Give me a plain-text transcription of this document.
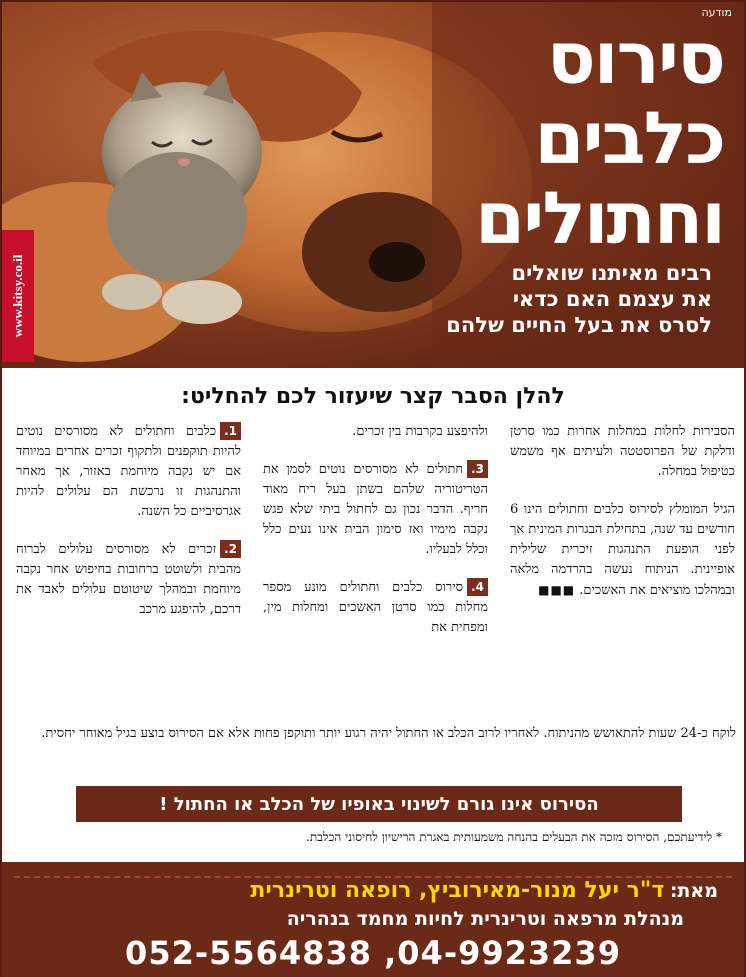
מודעה
סירוס
כלבים
וחתולים
רבים מאיתנו שואלים
את עצמם האם כדאי
לסרס את בעל החיים שלהם
www.kitsy.co.il
להלן הסבר קצר שיעזור לכם להחליט:

1.כלבים וחתולים לא מסורסים נוטים להיות תוקפנים ולתקוף זכרים אחרים במיוחד אם יש נקבה מיוחמת באזור, אך מאחר והתנהגות זו נרכשת הם עלולים להיות אגרסיביים כל השנה.

2.זכרים לא מסורסים עלולים לברוח מהבית ולשוטט ברחובות בחיפוש אחר נקבה מיוחמת ובמהלך שיטוטם עלולים לאבד את דרכם, להיפגע מרכב

ולהיפצע בקרבות בין זכרים.

3.חתולים לא מסורסים נוטים לסמן את הטריטוריה שלהם בשתן בעל ריח מאוד חריף. הדבר נכון גם לחתול ביתי שלא פגש נקבה מימיו ואז סימון הבית אינו נעים כלל וכלל לבעליו.

4.סירוס כלבים וחתולים מונע מספר מחלות כמו סרטן האשכים ומחלות מין, ומפחית את

הסבירות לחלות במחלות אחרות כמו סרטן ודלקת של הפרוסטטה ולעיתים אף משמש כטיפול במחלה.

הגיל המומלץ לסירוס כלבים וחתולים הינו 6 חודשים עד שנה, בתחילת הבגרות המינית אך לפני הופעת התנהגות זיכרית שלילית אופיינית. הניתוח נעשה בהרדמה מלאה ובמהלכו מוציאים את האשכים. ■■■

לוקח כ-24 שעות להתאושש מהניתוח. לאחריו לרוב הכלב או החתול יהיה רגוע יותר ותוקפן פחות אלא אם הסירוס בוצע בגיל מאוחר יחסית.
הסירוס אינו גורם לשינוי באופיו של הכלב או החתול !
* לידיעתכם, הסירוס מזכה את הבעלים בהנחה משמעותית באגרת הרישיון לחיסוני הכלבת.
מאת: ד"ר יעל מנור-מאירוביץ, רופאה וטרינרית
מנהלת מרפאה וטרינרית לחיות מחמד בנהריה
052-5564838 ,04-9923239
